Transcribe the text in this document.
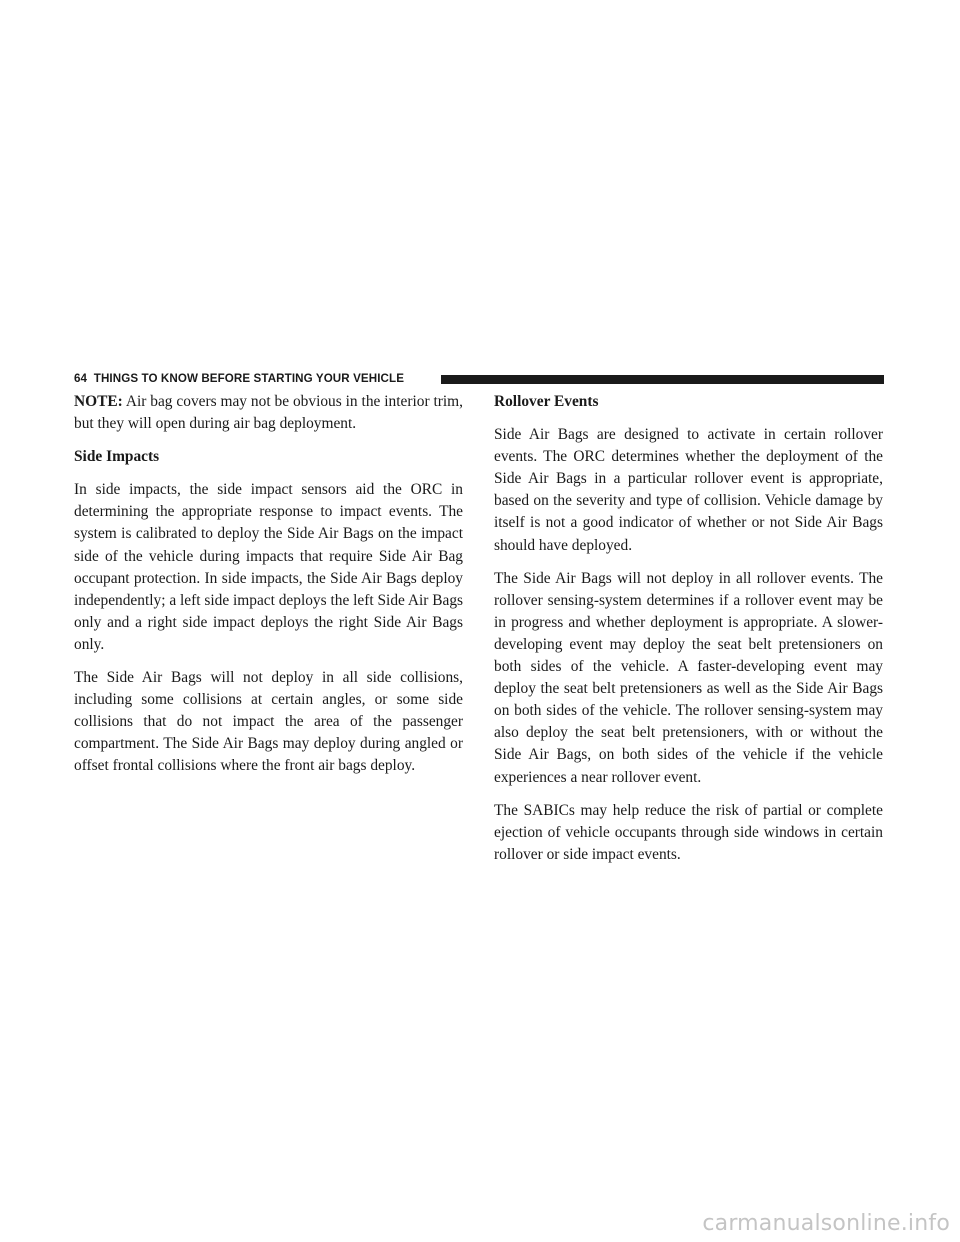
64 THINGS TO KNOW BEFORE STARTING YOUR VEHICLE

NOTE: Air bag covers may not be obvious in the interior trim, but they will open during air bag deployment.

Side Impacts

In side impacts, the side impact sensors aid the ORC in determining the appropriate response to impact events. The system is calibrated to deploy the Side Air Bags on the impact side of the vehicle during impacts that require Side Air Bag occupant protection. In side impacts, the Side Air Bags deploy independently; a left side impact deploys the left Side Air Bags only and a right side impact deploys the right Side Air Bags only.

The Side Air Bags will not deploy in all side collisions, including some collisions at certain angles, or some side collisions that do not impact the area of the passenger compartment. The Side Air Bags may deploy during angled or offset frontal collisions where the front air bags deploy.

Rollover Events

Side Air Bags are designed to activate in certain rollover events. The ORC determines whether the deployment of the Side Air Bags in a particular rollover event is appropriate, based on the severity and type of collision. Vehicle damage by itself is not a good indicator of whether or not Side Air Bags should have deployed.

The Side Air Bags will not deploy in all rollover events. The rollover sensing-system determines if a rollover event may be in progress and whether deployment is appropriate. A slower-developing event may deploy the seat belt pretensioners on both sides of the vehicle. A faster-developing event may deploy the seat belt pretensioners as well as the Side Air Bags on both sides of the vehicle. The rollover sensing-system may also deploy the seat belt pretensioners, with or without the Side Air Bags, on both sides of the vehicle if the vehicle experiences a near rollover event.

The SABICs may help reduce the risk of partial or complete ejection of vehicle occupants through side windows in certain rollover or side impact events.

carmanualsonline.info
